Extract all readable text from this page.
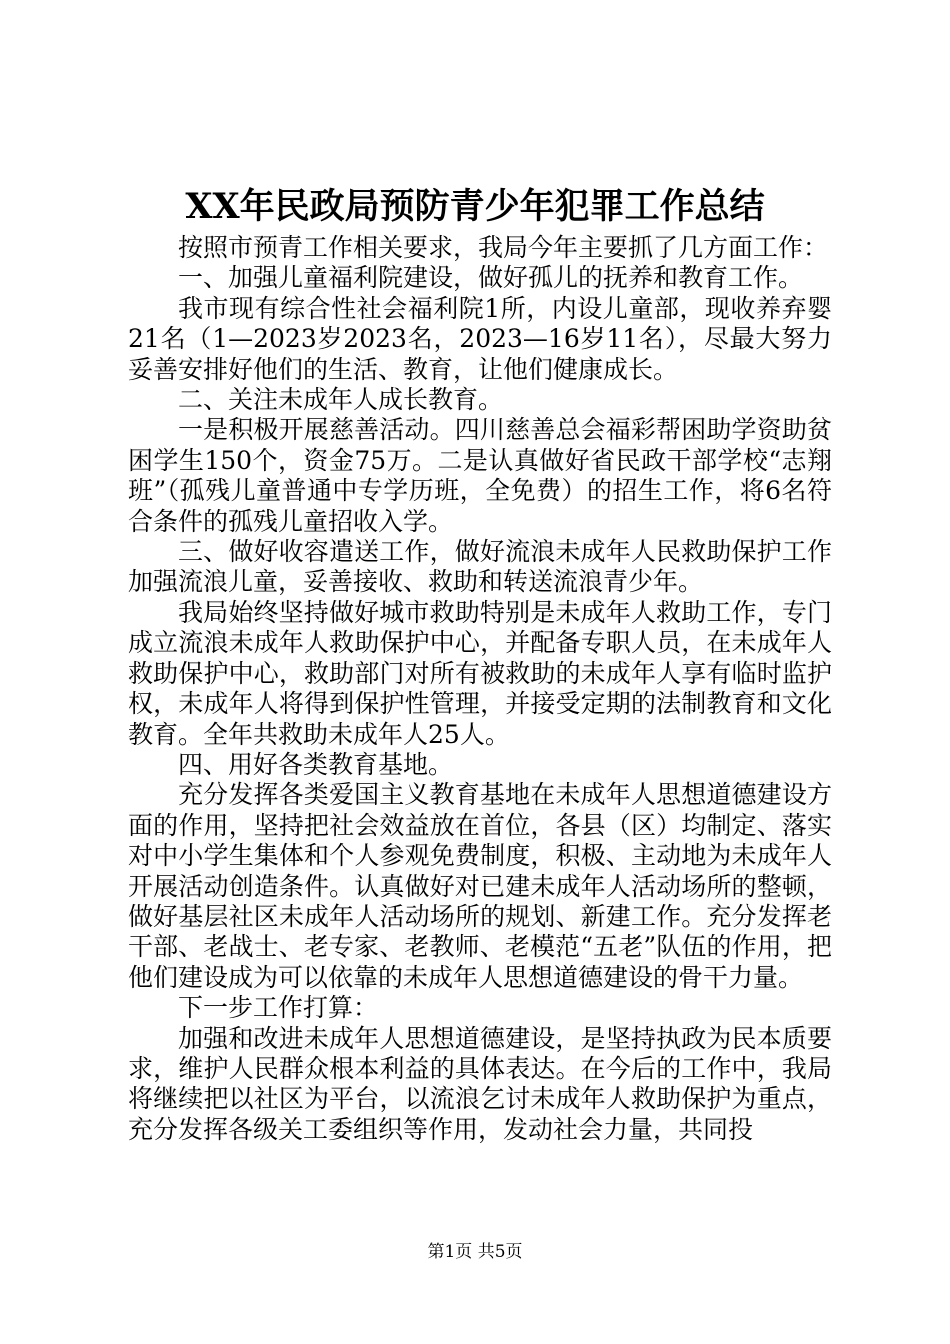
XX年民政局预防青少年犯罪工作总结

按照市预青工作相关要求，我局今年主要抓了几方面工作：

一、加强儿童福利院建设，做好孤儿的抚养和教育工作。

我市现有综合性社会福利院1所，内设儿童部，现收养弃婴21名（1—2023岁2023名，2023—16岁11名），尽最大努力妥善安排好他们的生活、教育，让他们健康成长。

二、关注未成年人成长教育。

一是积极开展慈善活动。四川慈善总会福彩帮困助学资助贫困学生150个，资金75万。二是认真做好省民政干部学校“志翔班”（孤残儿童普通中专学历班，全免费）的招生工作，将6名符合条件的孤残儿童招收入学。

三、做好收容遣送工作，做好流浪未成年人民救助保护工作加强流浪儿童，妥善接收、救助和转送流浪青少年。

我局始终坚持做好城市救助特别是未成年人救助工作，专门成立流浪未成年人救助保护中心，并配备专职人员，在未成年人救助保护中心，救助部门对所有被救助的未成年人享有临时监护权，未成年人将得到保护性管理，并接受定期的法制教育和文化教育。全年共救助未成年人25人。

四、用好各类教育基地。

充分发挥各类爱国主义教育基地在未成年人思想道德建设方面的作用，坚持把社会效益放在首位，各县（区）均制定、落实对中小学生集体和个人参观免费制度，积极、主动地为未成年人开展活动创造条件。认真做好对已建未成年人活动场所的整顿，做好基层社区未成年人活动场所的规划、新建工作。充分发挥老干部、老战士、老专家、老教师、老模范“五老”队伍的作用，把他们建设成为可以依靠的未成年人思想道德建设的骨干力量。

下一步工作打算：

加强和改进未成年人思想道德建设，是坚持执政为民本质要求，维护人民群众根本利益的具体表达。在今后的工作中，我局将继续把以社区为平台，以流浪乞讨未成年人救助保护为重点，充分发挥各级关工委组织等作用，发动社会力量，共同投

第1页 共5页
